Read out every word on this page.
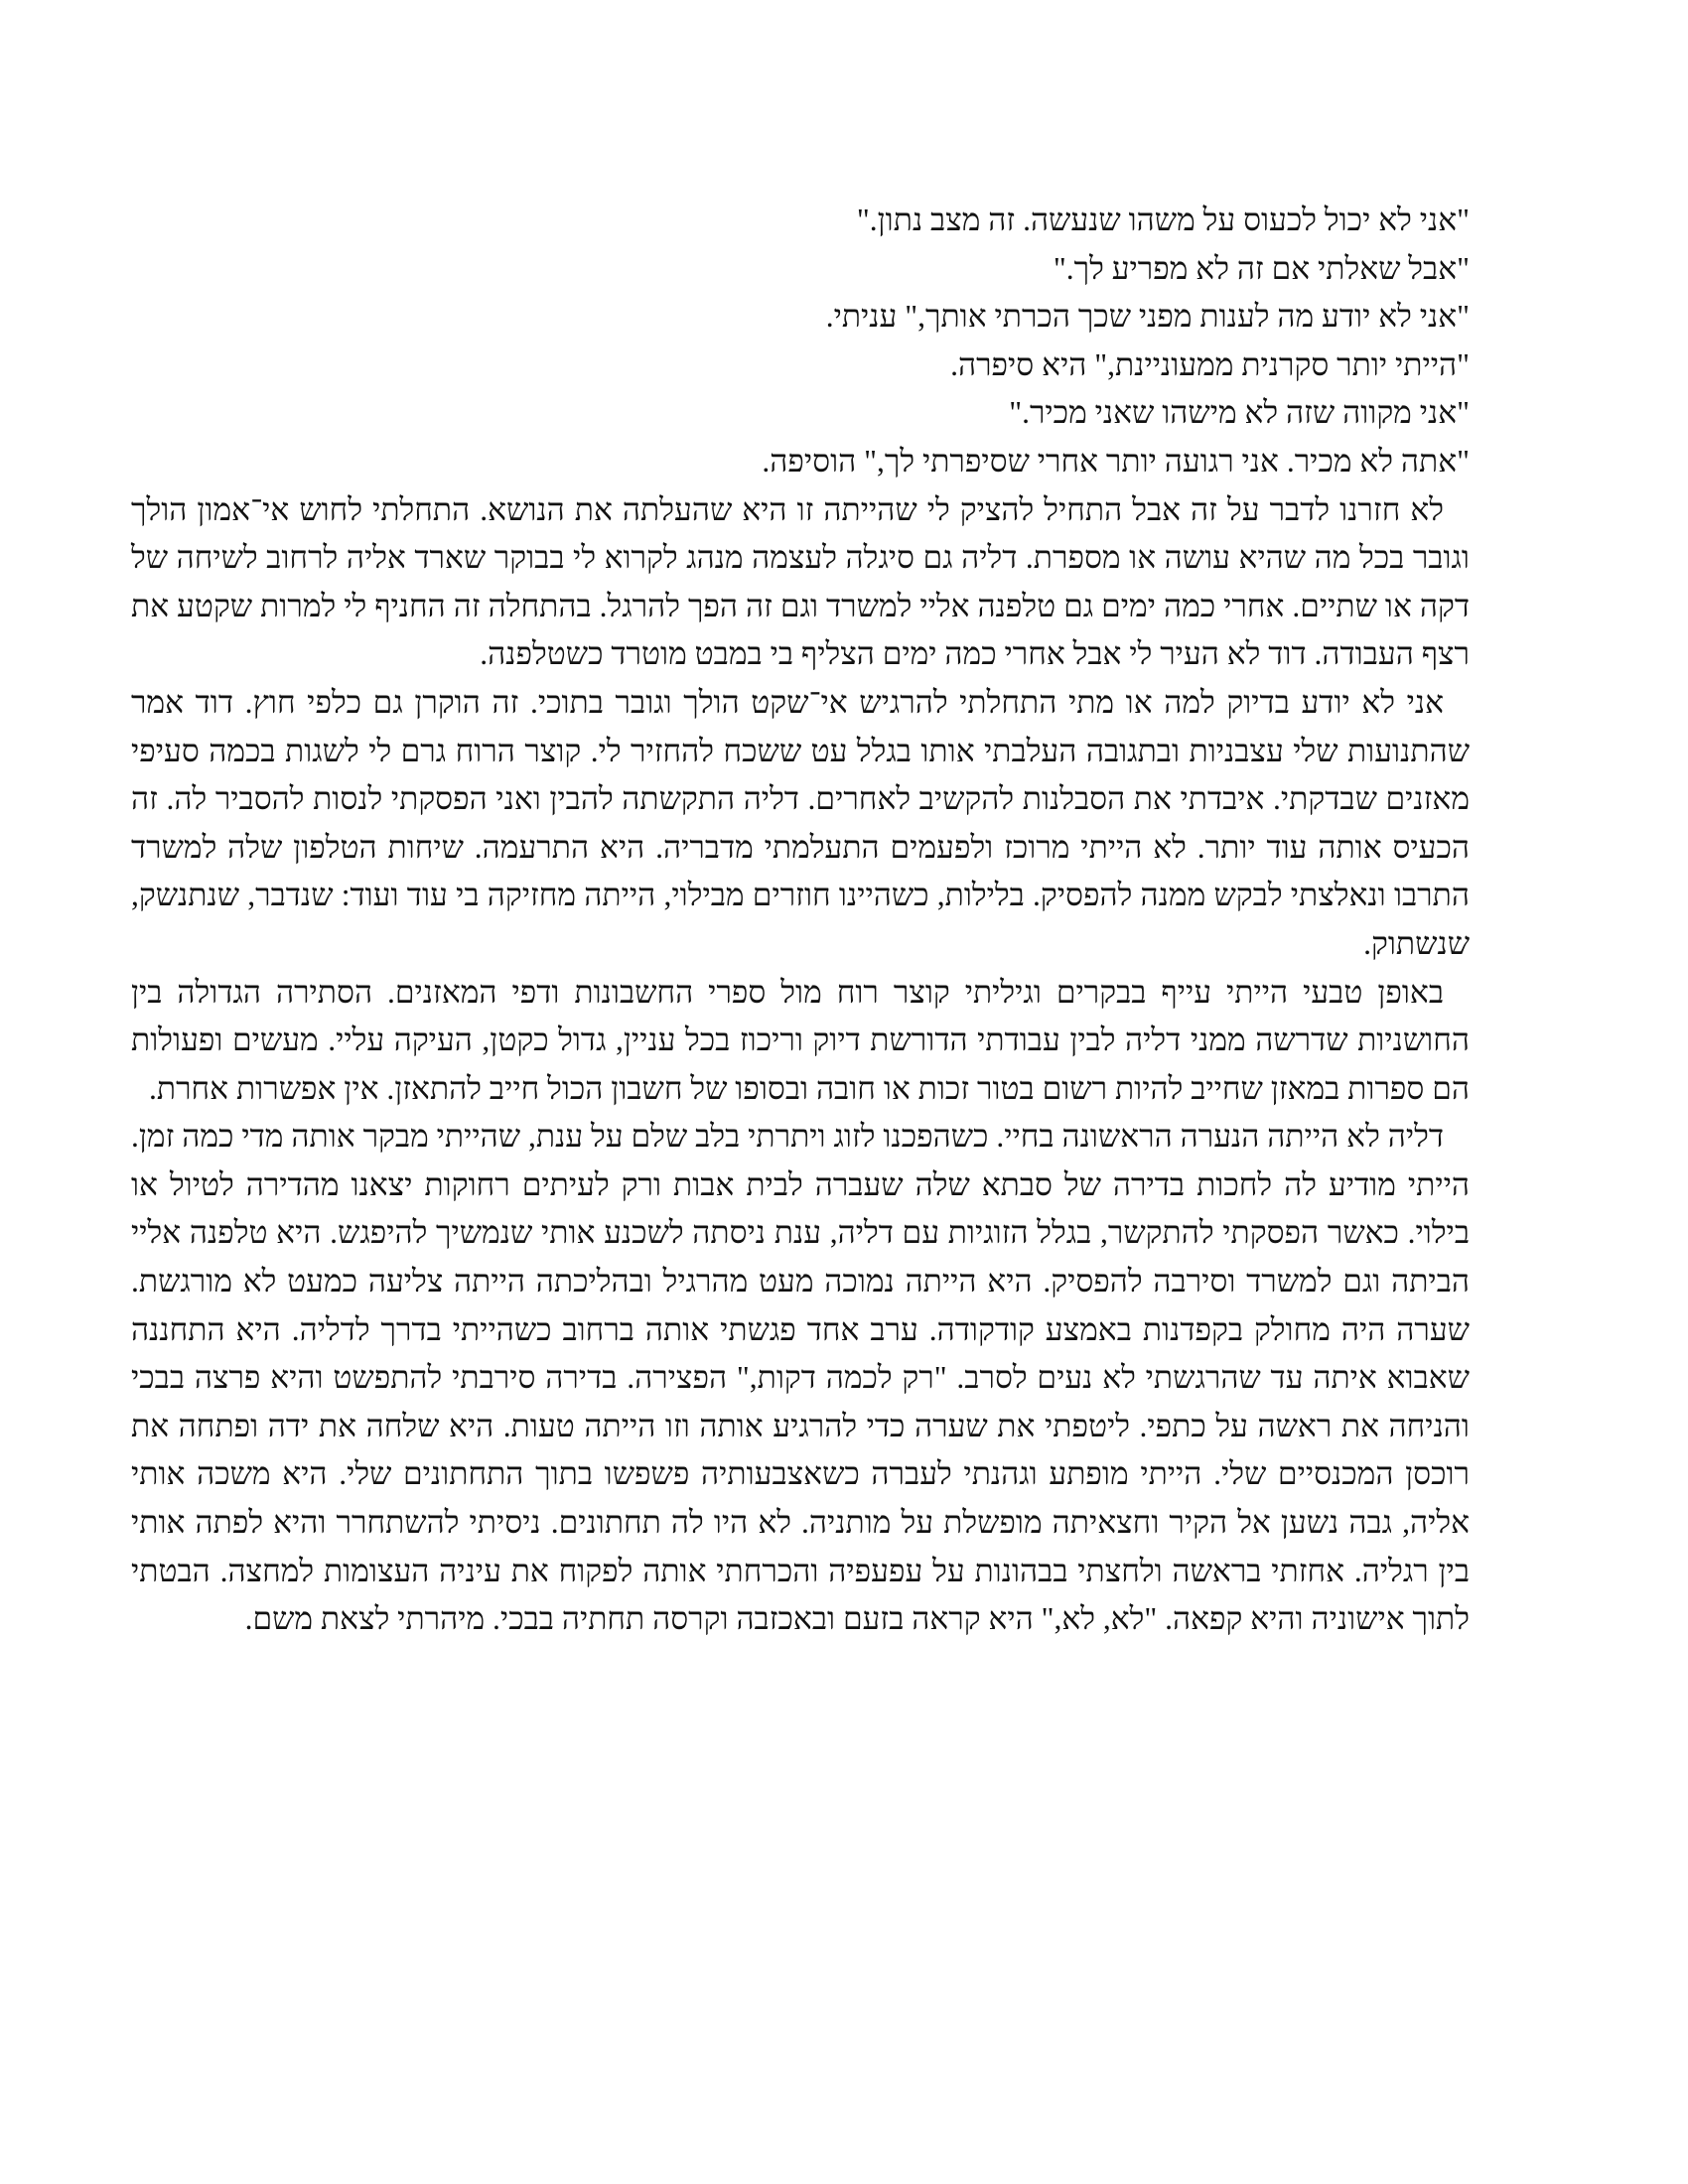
"אני לא יכול לכעוס על משהו שנעשה. זה מצב נתון."

"אבל שאלתי אם זה לא מפריע לך."

"אני לא יודע מה לענות מפני שכך הכרתי אותך," עניתי.

"הייתי יותר סקרנית ממעוניינת," היא סיפרה.

"אני מקווה שזה לא מישהו שאני מכיר."

"אתה לא מכיר. אני רגועה יותר אחרי שסיפרתי לך," הוסיפה.

לא חזרנו לדבר על זה אבל התחיל להציק לי שהייתה זו היא שהעלתה את הנושא. התחלתי לחוש אי־אמון הולך וגובר בכל מה שהיא עושה או מספרת. דליה גם סיגלה לעצמה מנהג לקרוא לי בבוקר שארד אליה לרחוב לשיחה של דקה או שתיים. אחרי כמה ימים גם טלפנה אליי למשרד וגם זה הפך להרגל. בהתחלה זה החניף לי למרות שקטע את רצף העבודה. דוד לא העיר לי אבל אחרי כמה ימים הצליף בי במבט מוטרד כשטלפנה.

אני לא יודע בדיוק למה או מתי התחלתי להרגיש אי־שקט הולך וגובר בתוכי. זה הוקרן גם כלפי חוץ. דוד אמר שהתנועות שלי עצבניות ובתגובה העלבתי אותו בגלל עט ששכח להחזיר לי. קוצר הרוח גרם לי לשגות בכמה סעיפי מאזנים שבדקתי. איבדתי את הסבלנות להקשיב לאחרים. דליה התקשתה להבין ואני הפסקתי לנסות להסביר לה. זה הכעיס אותה עוד יותר. לא הייתי מרוכז ולפעמים התעלמתי מדבריה. היא התרעמה. שיחות הטלפון שלה למשרד התרבו ונאלצתי לבקש ממנה להפסיק. בלילות, כשהיינו חוזרים מבילוי, הייתה מחזיקה בי עוד ועוד: שנדבר, שנתנשק, שנשתוק.

באופן טבעי הייתי עייף בבקרים וגיליתי קוצר רוח מול ספרי החשבונות ודפי המאזנים. הסתירה הגדולה בין החושניות שדרשה ממני דליה לבין עבודתי הדורשת דיוק וריכוז בכל עניין, גדול כקטן, העיקה עליי. מעשים ופעולות הם ספרות במאזן שחייב להיות רשום בטור זכות או חובה ובסופו של חשבון הכול חייב להתאזן. אין אפשרות אחרת.

דליה לא הייתה הנערה הראשונה בחיי. כשהפכנו לזוג ויתרתי בלב שלם על ענת, שהייתי מבקר אותה מדי כמה זמן. הייתי מודיע לה לחכות בדירה של סבתא שלה שעברה לבית אבות ורק לעיתים רחוקות יצאנו מהדירה לטיול או בילוי. כאשר הפסקתי להתקשר, בגלל הזוגיות עם דליה, ענת ניסתה לשכנע אותי שנמשיך להיפגש. היא טלפנה אליי הביתה וגם למשרד וסירבה להפסיק. היא הייתה נמוכה מעט מהרגיל ובהליכתה הייתה צליעה כמעט לא מורגשת. שערה היה מחולק בקפדנות באמצע קודקודה. ערב אחד פגשתי אותה ברחוב כשהייתי בדרך לדליה. היא התחננה שאבוא איתה עד שהרגשתי לא נעים לסרב. "רק לכמה דקות," הפצירה. בדירה סירבתי להתפשט והיא פרצה בבכי והניחה את ראשה על כתפי. ליטפתי את שערה כדי להרגיע אותה וזו הייתה טעות. היא שלחה את ידה ופתחה את רוכסן המכנסיים שלי. הייתי מופתע וגהנתי לעברה כשאצבעותיה פשפשו בתוך התחתונים שלי. היא משכה אותי אליה, גבה נשען אל הקיר וחצאיתה מופשלת על מותניה. לא היו לה תחתונים. ניסיתי להשתחרר והיא לפתה אותי בין רגליה. אחזתי בראשה ולחצתי בבהונות על עפעפיה והכרחתי אותה לפקוח את עיניה העצומות למחצה. הבטתי לתוך אישוניה והיא קפאה. "לא, לא," היא קראה בזעם ובאכזבה וקרסה תחתיה בבכי. מיהרתי לצאת משם.
